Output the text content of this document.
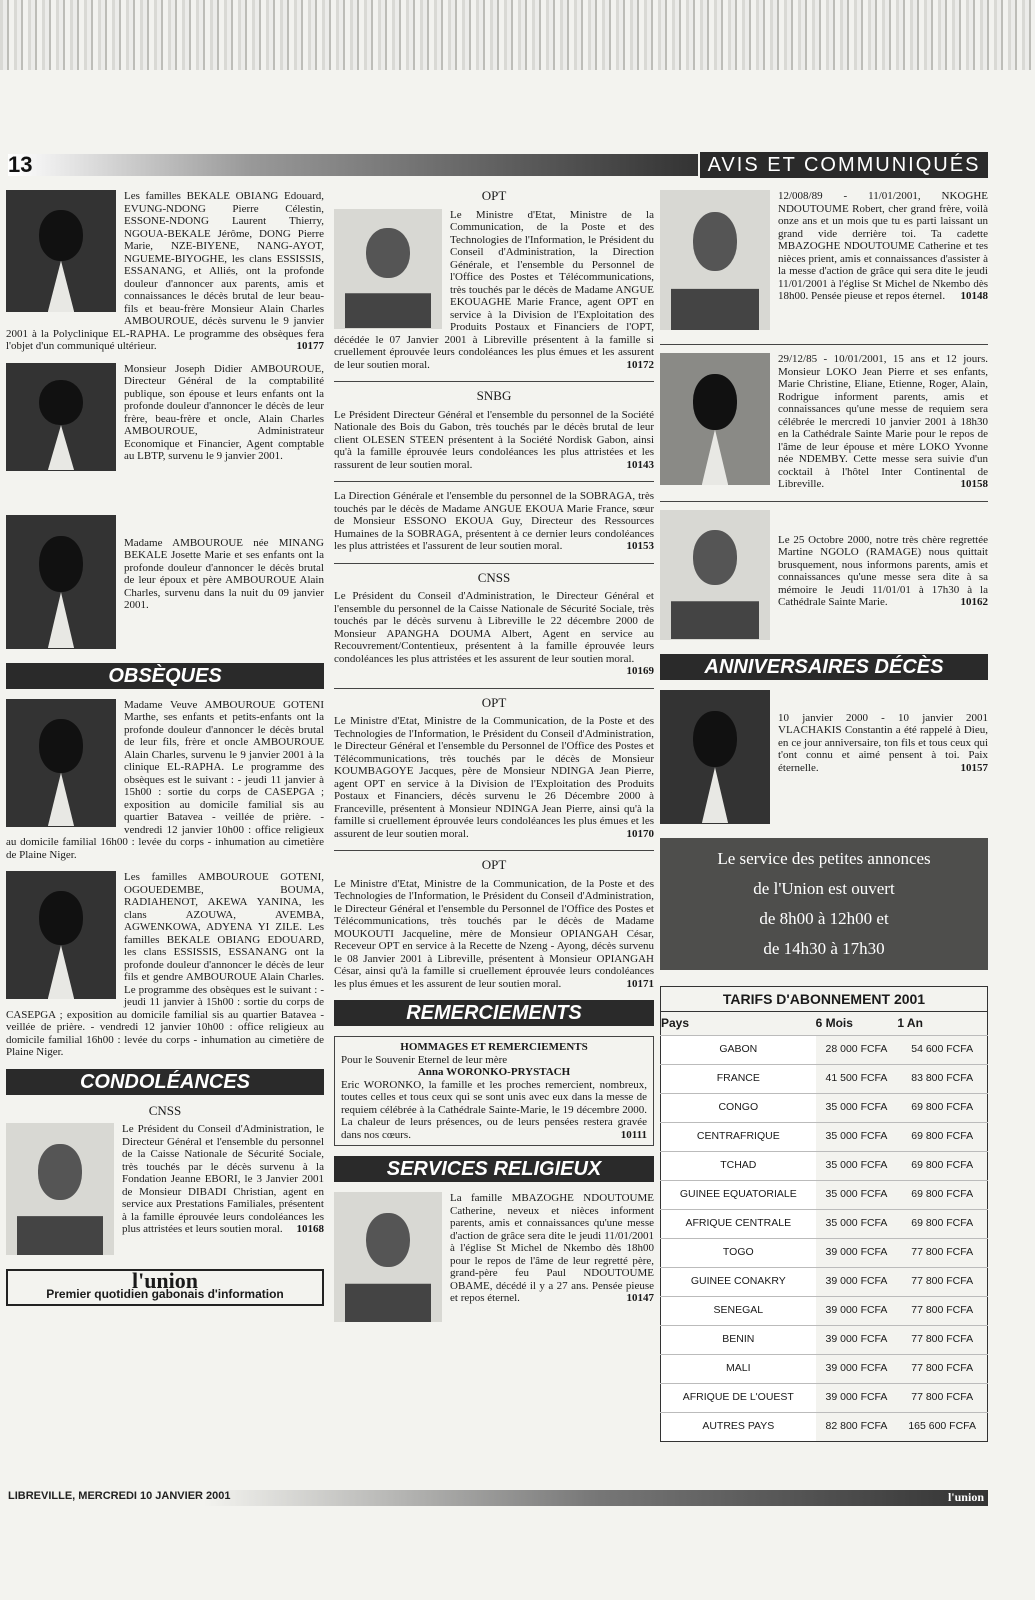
13	AVIS ET COMMUNIQUÉS
Les familles BEKALE OBIANG Edouard, EVUNG-NDONG Pierre Célestin, ESSONE-NDONG Laurent Thierry, NGOUA-BEKALE Jérôme, DONG Pierre Marie, NZE-BIYENE, NANG-AYOT, NGUEME-BIYOGHE, les clans ESSISSIS, ESSANANG, et Alliés, ont la profonde douleur d'annoncer aux parents, amis et connaissances le décès brutal de leur beau-fils et beau-frère Monsieur Alain Charles AMBOUROUE, décès survenu le 9 janvier 2001 à la Polyclinique EL-RAPHA. Le programme des obsèques fera l'objet d'un communiqué ultérieur.	10177
Monsieur Joseph Didier AMBOUROUE, Directeur Général de la comptabilité publique, son épouse et leurs enfants ont la profonde douleur d'annoncer le décès de leur frère, beau-frère et oncle, Alain Charles AMBOUROUE, Administrateur Economique et Financier, Agent comptable au LBTP, survenu le 9 janvier 2001.
Madame AMBOUROUE née MINANG BEKALE Josette Marie et ses enfants ont la profonde douleur d'annoncer le décès brutal de leur époux et père AMBOUROUE Alain Charles, survenu dans la nuit du 09 janvier 2001.
OBSÈQUES
Madame Veuve AMBOUROUE GOTENI Marthe, ses enfants et petits-enfants ont la profonde douleur d'annoncer le décès brutal de leur fils, frère et oncle AMBOUROUE Alain Charles, survenu le 9 janvier 2001 à la clinique EL-RAPHA. Le programme des obsèques est le suivant : - jeudi 11 janvier à 15h00 : sortie du corps de CASEPGA ; exposition au domicile familial sis au quartier Batavea - veillée de prière. - vendredi 12 janvier 10h00 : office religieux au domicile familial 16h00 : levée du corps - inhumation au cimetière de Plaine Niger.
Les familles AMBOUROUE GOTENI, OGOUEDEMBE, BOUMA, RADIAHENOT, AKEWA YANINA, les clans AZOUWA, AVEMBA, AGWENKOWA, ADYENA YI ZILE. Les familles BEKALE OBIANG EDOUARD, les clans ESSISSIS, ESSANANG ont la profonde douleur d'annoncer le décès de leur fils et gendre AMBOUROUE Alain Charles. Le programme des obsèques est le suivant : - jeudi 11 janvier à 15h00 : sortie du corps de CASEPGA ; exposition au domicile familial sis au quartier Batavea - veillée de prière. - vendredi 12 janvier 10h00 : office religieux au domicile familial 16h00 : levée du corps - inhumation au cimetière de Plaine Niger.
CONDOLÉANCES
CNSS
Le Président du Conseil d'Administration, le Directeur Général et l'ensemble du personnel de la Caisse Nationale de Sécurité Sociale, très touchés par le décès survenu à la Fondation Jeanne EBORI, le 3 Janvier 2001 de Monsieur DIBADI Christian, agent en service aux Prestations Familiales, présentent à la famille éprouvée leurs condoléances les plus attristées et leurs soutien moral. 10168
l'union
Premier quotidien gabonais d'information
OPT
Le Ministre d'Etat, Ministre de la Communication, de la Poste et des Technologies de l'Information, le Président du Conseil d'Administration, la Direction Générale, et l'ensemble du Personnel de l'Office des Postes et Télécommunications, très touchés par le décès de Madame ANGUE EKOUAGHE Marie France, agent OPT en service à la Division de l'Exploitation des Produits Postaux et Financiers de l'OPT, décédée le 07 Janvier 2001 à Libreville présentent à la famille si cruellement éprouvée leurs condoléances les plus émues et les assurent de leur soutien moral.	10172
SNBG
Le Président Directeur Général et l'ensemble du personnel de la Société Nationale des Bois du Gabon, très touchés par le décès brutal de leur client OLESEN STEEN présentent à la Société Nordisk Gabon, ainsi qu'à la famille éprouvée leurs condoléances les plus attristées et les rassurent de leur soutien moral.	10143
La Direction Générale et l'ensemble du personnel de la SOBRAGA, très touchés par le décès de Madame ANGUE EKOUA Marie France, sœur de Monsieur ESSONO EKOUA Guy, Directeur des Ressources Humaines de la SOBRAGA, présentent à ce dernier leurs condoléances les plus attristées et l'assurent de leur soutien moral.	10153
CNSS
Le Président du Conseil d'Administration, le Directeur Général et l'ensemble du personnel de la Caisse Nationale de Sécurité Sociale, très touchés par le décès survenu à Libreville le 22 décembre 2000 de Monsieur APANGHA DOUMA Albert, Agent en service au Recouvrement/Contentieux, présentent à la famille éprouvée leurs condoléances les plus attristées et les assurent de leur soutien moral.
10169
OPT
Le Ministre d'Etat, Ministre de la Communication, de la Poste et des Technologies de l'Information, le Président du Conseil d'Administration, le Directeur Général et l'ensemble du Personnel de l'Office des Postes et Télécommunications, très touchés par le décès de Monsieur KOUMBAGOYE Jacques, père de Monsieur NDINGA Jean Pierre, agent OPT en service à la Division de l'Exploitation des Produits Postaux et Financiers, décès survenu le 26 Décembre 2000 à Franceville, présentent à Monsieur NDINGA Jean Pierre, ainsi qu'à la famille si cruellement éprouvée leurs condoléances les plus émues et les assurent de leur soutien moral.	10170
OPT
Le Ministre d'Etat, Ministre de la Communication, de la Poste et des Technologies de l'Information, le Président du Conseil d'Administration, le Directeur Général et l'ensemble du Personnel de l'Office des Postes et Télécommunications, très touchés par le décès de Madame MOUKOUTI Jacqueline, mère de Monsieur OPIANGAH César, Receveur OPT en service à la Recette de Nzeng - Ayong, décès survenu le 08 Janvier 2001 à Libreville, présentent à Monsieur OPIANGAH César, ainsi qu'à la famille si cruellement éprouvée leurs condoléances les plus émues et les assurent de leur soutien moral.	10171
REMERCIEMENTS
HOMMAGES ET REMERCIEMENTS
Pour le Souvenir Eternel de leur mère
Anna WORONKO-PRYSTACH
Eric WORONKO, la famille et les proches remercient, nombreux, toutes celles et tous ceux qui se sont unis avec eux dans la messe de requiem célébrée à la Cathédrale Sainte-Marie, le 19 décembre 2000. La chaleur de leurs présences, ou de leurs pensées restera gravée dans nos cœurs.	10111
SERVICES RELIGIEUX
La famille MBAZOGHE NDOUTOUME Catherine, neveux et nièces informent parents, amis et connaissances qu'une messe d'action de grâce sera dite le jeudi 11/01/2001 à l'église St Michel de Nkembo dès 18h00 pour le repos de l'âme de leur regretté père, grand-père feu Paul NDOUTOUME OBAME, décédé il y a 27 ans. Pensée pieuse et repos éternel.	10147
12/008/89 - 11/01/2001, NKOGHE NDOUTOUME Robert, cher grand frère, voilà onze ans et un mois que tu es parti laissant un grand vide derrière toi. Ta cadette MBAZOGHE NDOUTOUME Catherine et tes nièces prient, amis et connaissances d'assister à la messe d'action de grâce qui sera dite le jeudi 11/01/2001 à l'église St Michel de Nkembo dès 18h00. Pensée pieuse et repos éternel. 10148
29/12/85 - 10/01/2001, 15 ans et 12 jours. Monsieur LOKO Jean Pierre et ses enfants, Marie Christine, Eliane, Etienne, Roger, Alain, Rodrigue informent parents, amis et connaissances qu'une messe de requiem sera célébrée le mercredi 10 janvier 2001 à 18h30 en la Cathédrale Sainte Marie pour le repos de l'âme de leur épouse et mère LOKO Yvonne née NDEMBY. Cette messe sera suivie d'un cocktail à l'hôtel Inter Continental de Libreville.	10158
Le 25 Octobre 2000, notre très chère regrettée Martine NGOLO (RAMAGE) nous quittait brusquement, nous informons parents, amis et connaissances qu'une messe sera dite à sa mémoire le Jeudi 11/01/01 à 17h30 à la Cathédrale Sainte Marie.	10162
ANNIVERSAIRES DÉCÈS
10 janvier 2000 - 10 janvier 2001 VLACHAKIS Constantin a été rappelé à Dieu, en ce jour anniversaire, ton fils et tous ceux qui t'ont connu et aimé pensent à toi. Paix éternelle.	10157
Le service des petites annonces
de l'Union est ouvert
de 8h00 à 12h00 et
de 14h30 à 17h30
TARIFS D'ABONNEMENT 2001
Pays	6 Mois	1 An
GABON	28 000 FCFA	54 600 FCFA
FRANCE	41 500 FCFA	83 800 FCFA
CONGO	35 000 FCFA	69 800 FCFA
CENTRAFRIQUE	35 000 FCFA	69 800 FCFA
TCHAD	35 000 FCFA	69 800 FCFA
GUINEE EQUATORIALE	35 000 FCFA	69 800 FCFA
AFRIQUE CENTRALE	35 000 FCFA	69 800 FCFA
TOGO	39 000 FCFA	77 800 FCFA
GUINEE CONAKRY	39 000 FCFA	77 800 FCFA
SENEGAL	39 000 FCFA	77 800 FCFA
BENIN	39 000 FCFA	77 800 FCFA
MALI	39 000 FCFA	77 800 FCFA
AFRIQUE DE L'OUEST	39 000 FCFA	77 800 FCFA
AUTRES PAYS	82 800 FCFA	165 600 FCFA
LIBREVILLE, MERCREDI 10 JANVIER 2001	l'union
